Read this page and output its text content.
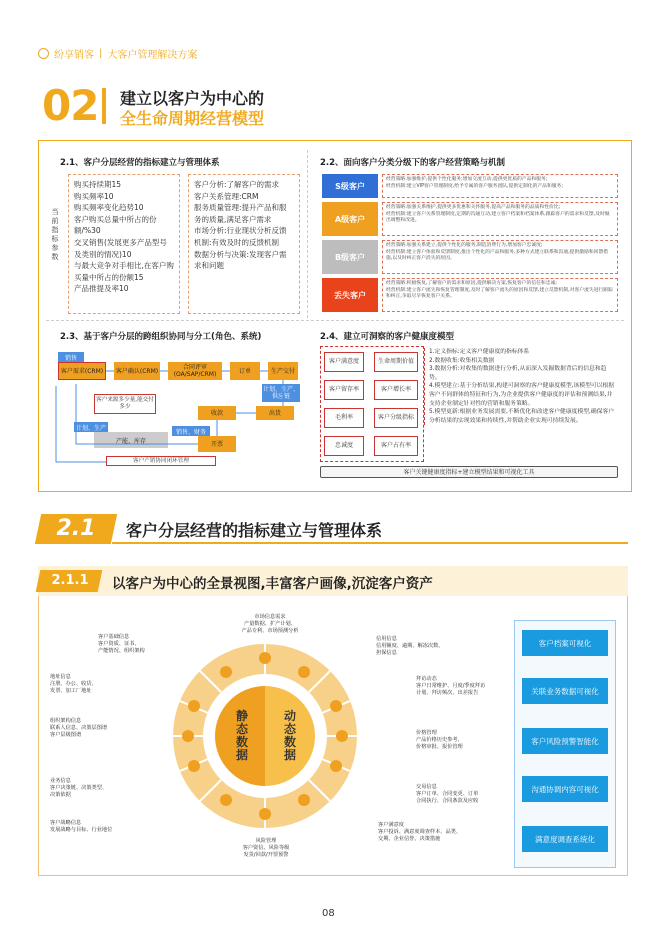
纷享销客 | 大客户管理解决方案
02 建立以客户为中心的
全生命周期经营模型
2.1、客户分层经营的指标建立与管理体系
当前指标参数
购买持续期15
购买频率10
购买频率变化趋势10
客户购买总量中所占的份额/%30
交叉销售(发展更多产品型号及类别的情况)10
与最大竞争对手相比,在客户购买量中所占的份额15
产品推提及率10
客户分析:了解客户的需求
客户关系管理:CRM
服务质量管理:提升产品和服务的质量,满足客户需求
市场分析:行业现状分析反馈机制:有效及时的反馈机制
数据分析与决策:发现客户需求和问题
2.2、面向客户分类分级下的客户经营策略与机制
S级客户
经营策略:加强维护,提供个性化服务;增加交流互动,提供更优质的产品和服务;
经营机制:建立VIP客户管理制度,给予专属的客户服务团队,提供定制化的产品和服务;
A级客户
经营策略:加强关系维护,提供更多优惠和关怀服务,提高产品和服务的品质和性价比;
经营机制:建立客户关系管理制度,定期的沟通互动,建立客户档案和档案体系,跟踪客户的需求和反馈,及时做出调整和改进。
B级客户
经营策略:加强关系建立,提供个性化的服务,制造消费行为,增加客户忠诚度;
经营机制:建立客户体验和反馈制度,推出个性化的产品和服务,多种方式建立联系和沟通,提供激励和回馈措施,以及时纠正客户消失的原因。
丢失客户
经营策略:积极恢复,了解客户的需求和原因,提供解决方案,恢复客户的信任和忠诚;
经营机制:建立客户流失和恢复管理制度,及时了解客户流失的原因和反馈,建立反馈机制,对客户流失进行跟踪和纠正,争取尽早恢复客户关系。
2.3、基于客户分层的跨组织协同与分工(角色、系统)
销售
客户需求(CRM)	客户确认(CRM)	合同评审(OA/SAP/CRM)	订单	生产交付
计划、生产、供应链
客户来源多少量,能交付多少
收款	出货
计划、生产
产能、库存
销售、财务
开票
客户产销协同闭环管理
2.4、建立可洞察的客户健康度模型
客户满意度
客户留存率
毛利率
忠诚度
生命周期价值
客户增长率
客户分级指标
客户占有率
1.定义指标:定义客户健康度的指标体系
2.数据收集:收集相关数据
3.数据分析:对收集的数据进行分析,从而深入发掘数据背后的信息和趋势。
4.模型建立:基于分析结果,构建可洞察的客户健康度模型,该模型可以根据客户不同群体的特征和行为,为企业提供客户健康度的评估和预测结果,并支持企业制定针对性的营销和服务策略。
5.模型更新:根据业务发展需要,不断优化和改进客户健康度模型,确保客户分析结果的实现效果和持续性,并帮助企业实现可持续发展。
客户关键健康度指标+建立模型结果和可视化工具
2.1	客户分层经营的指标建立与管理体系
2.1.1	以客户为中心的全景视图,丰富客户画像,沉淀客户资产
静态数据
动态数据
市场信息需求
产量数据、扩产计划、
产品专利、市场预测分析
客户基础信息
客户资质、证书、
产能情况、组织架构
地址信息
注册、办公、收货、
发票、加工厂地址
组织架构信息
联系人信息、决策层图谱
客户层级图谱
业务信息
客户决策链、决策类型、
决策依据
客户战略信息
发展战略与目标、行业地位
风险管理
客户资信、风险等级
发货/回款/开票预警
信用信息
信用额度、逾期、解冻次数、
担保信息
拜访动态
客户日常维护、月度/季度拜访
计划、拜访频次、出差报告
价格管理
产品价格历史参考、
价格审批、报价管理
交易信息
客户订单、合同变更、订单
合同执行、合同条款及应收
客户满意度
客户投诉、满意度调查样本、品类、
交期、企业信誉、决策措施
客户档案可视化
关联业务数据可视化
客户风险预警智能化
沟通协调内容可视化
满意度调查系统化
08
